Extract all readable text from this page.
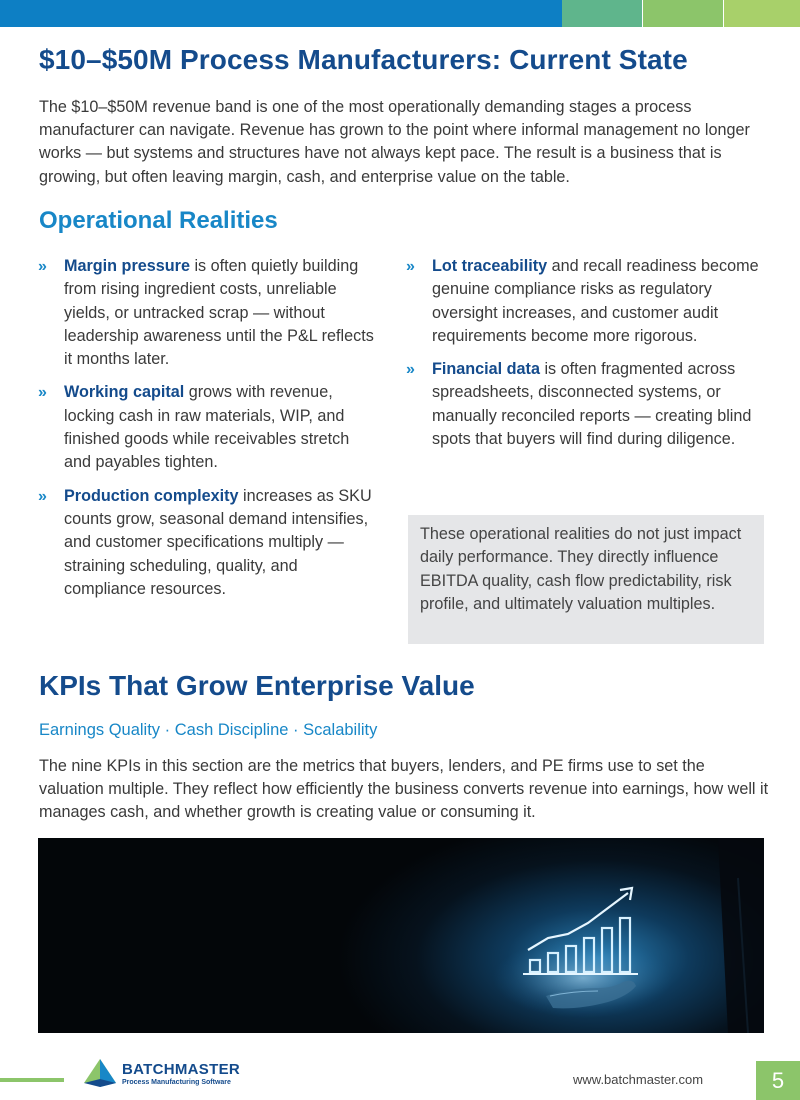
$10–$50M Process Manufacturers: Current State

The $10–$50M revenue band is one of the most operationally demanding stages a process manufacturer can navigate. Revenue has grown to the point where informal management no longer works — but systems and structures have not always kept pace. The result is a business that is growing, but often leaving margin, cash, and enterprise value on the table.

Operational Realities
»	Margin pressure is often quietly building from rising ingredient costs, unreliable yields, or untracked scrap — without leadership awareness until the P&L reflects it months later.
»	Working capital grows with revenue, locking cash in raw materials, WIP, and finished goods while receivables stretch and payables tighten.
»	Production complexity increases as SKU counts grow, seasonal demand intensifies, and customer specifications multiply — straining scheduling, quality, and compliance resources.
»	Lot traceability and recall readiness become genuine compliance risks as regulatory oversight increases, and customer audit requirements become more rigorous.
»	Financial data is often fragmented across spreadsheets, disconnected systems, or manually reconciled reports — creating blind spots that buyers will find during diligence.
These operational realities do not just impact daily performance. They directly influence EBITDA quality, cash flow predictability, risk profile, and ultimately valuation multiples.
KPIs That Grow Enterprise Value
Earnings Quality · Cash Discipline · Scalability

The nine KPIs in this section are the metrics that buyers, lenders, and PE firms use to set the valuation multiple. They reflect how efficiently the business converts revenue into earnings, how well it manages cash, and whether growth is creating value or consuming it.

BATCHMASTER
Process Manufacturing Software	www.batchmaster.com	5
